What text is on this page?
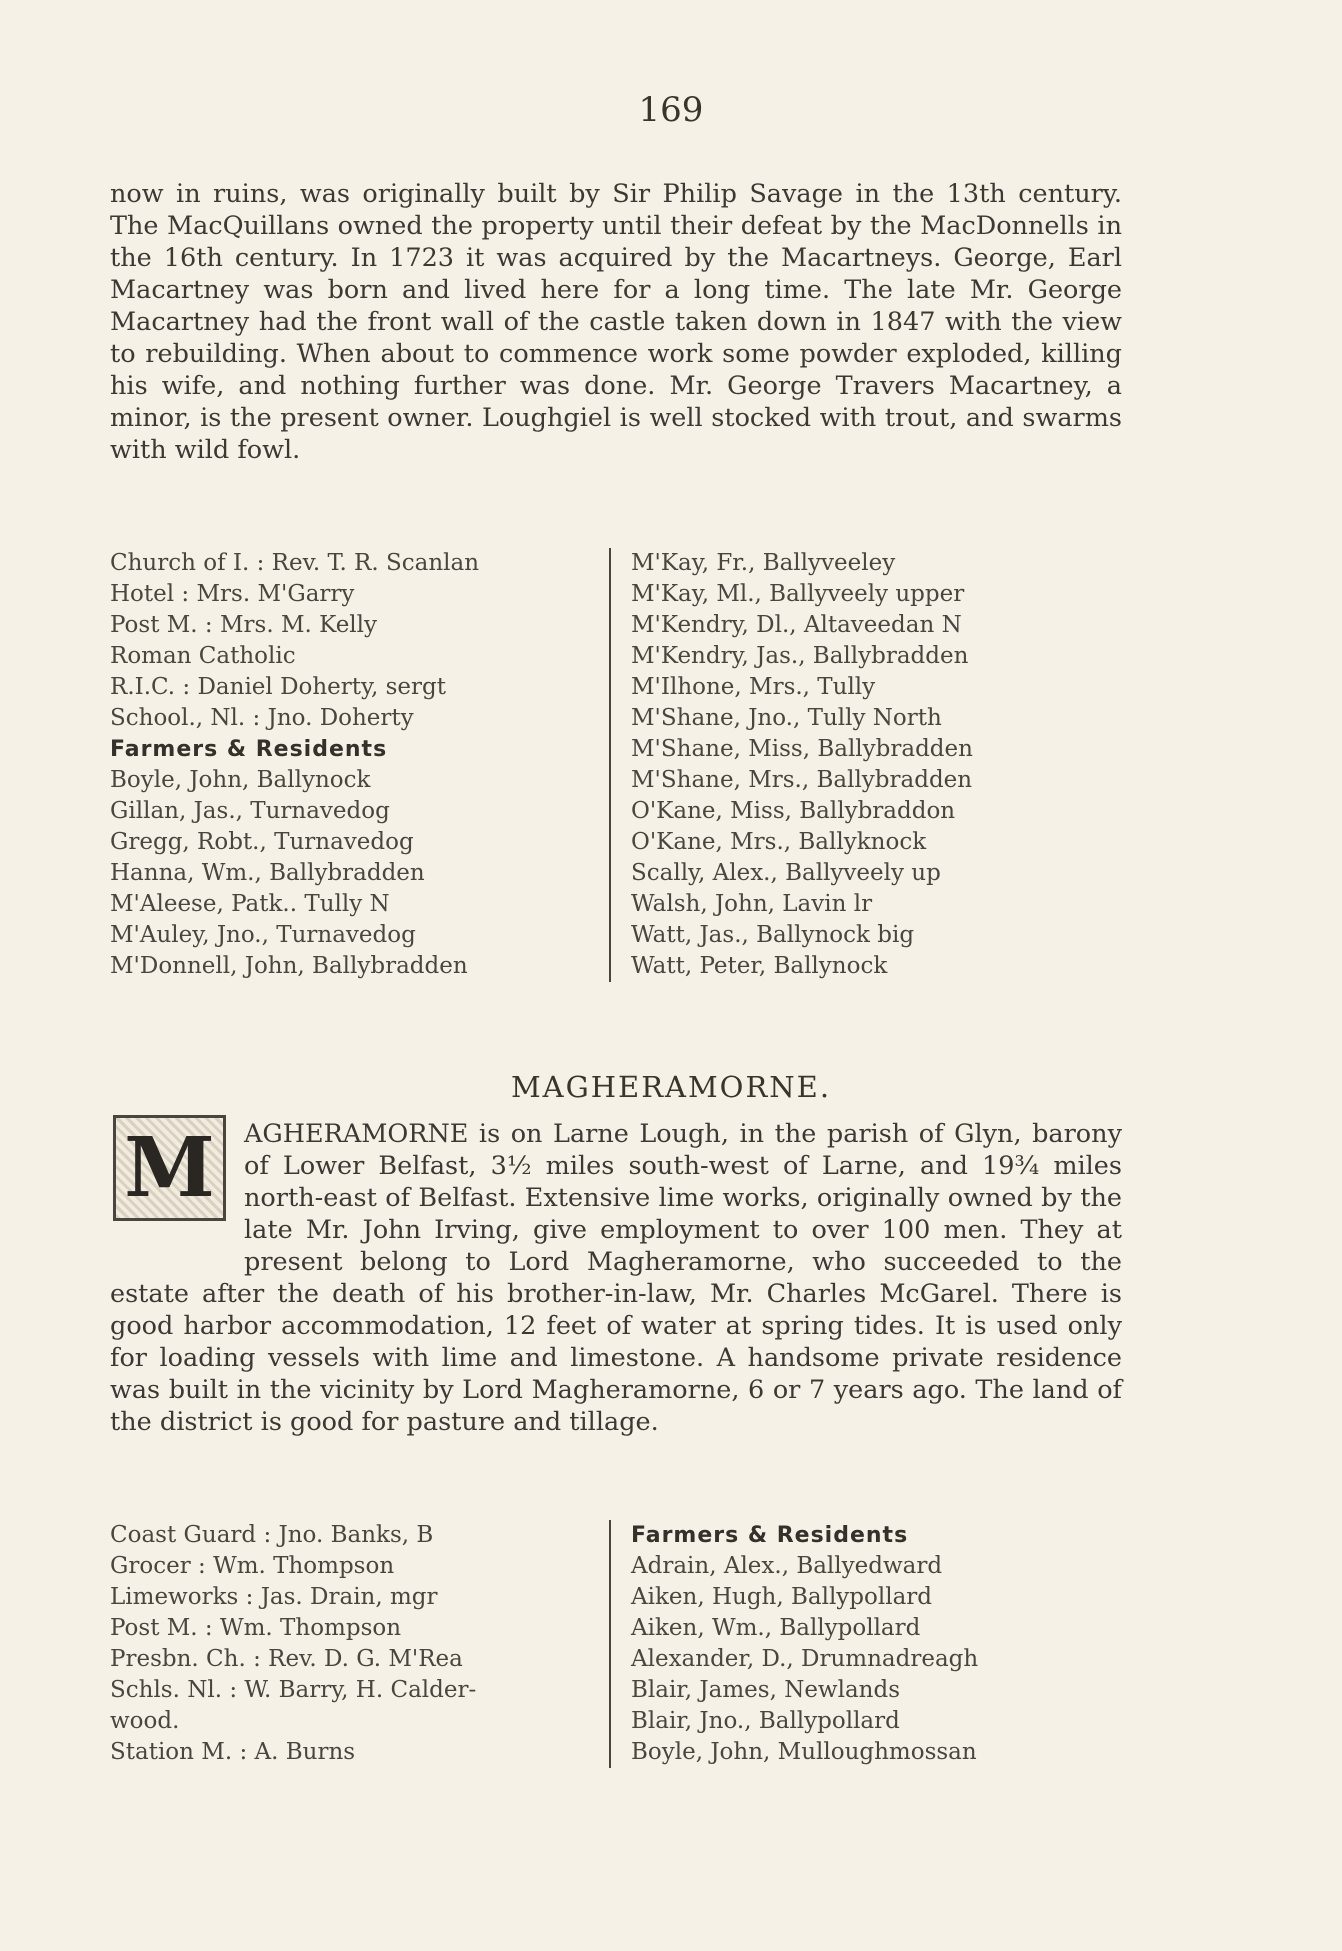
169

now in ruins, was originally built by Sir Philip Savage in the 13th century. The MacQuillans owned the property until their defeat by the MacDonnells in the 16th century. In 1723 it was acquired by the Macartneys. George, Earl Macartney was born and lived here for a long time. The late Mr. George Macartney had the front wall of the castle taken down in 1847 with the view to rebuilding. When about to commence work some powder exploded, killing his wife, and nothing further was done. Mr. George Travers Macartney, a minor, is the present owner. Loughgiel is well stocked with trout, and swarms with wild fowl.

Church of I. : Rev. T. R. Scanlan
Hotel : Mrs. M'Garry
Post M. : Mrs. M. Kelly
Roman Catholic
R.I.C. : Daniel Doherty, sergt
School., Nl. : Jno. Doherty
Farmers & Residents
Boyle, John, Ballynock
Gillan, Jas., Turnavedog
Gregg, Robt., Turnavedog
Hanna, Wm., Ballybradden
M'Aleese, Patk.. Tully N
M'Auley, Jno., Turnavedog
M'Donnell, John, Ballybradden
M'Kay, Fr., Ballyveeley
M'Kay, Ml., Ballyveely upper
M'Kendry, Dl., Altaveedan N
M'Kendry, Jas., Ballybradden
M'Ilhone, Mrs., Tully
M'Shane, Jno., Tully North
M'Shane, Miss, Ballybradden
M'Shane, Mrs., Ballybradden
O'Kane, Miss, Ballybraddon
O'Kane, Mrs., Ballyknock
Scally, Alex., Ballyveely up
Walsh, John, Lavin lr
Watt, Jas., Ballynock big
Watt, Peter, Ballynock
MAGHERAMORNE.
M	AGHERAMORNE is on Larne Lough, in the parish of Glyn, barony of Lower Belfast, 3½ miles south-west of Larne, and 19¾ miles north-east of Belfast. Extensive lime works, originally owned by the late Mr. John Irving, give employment to over 100 men. They at present belong to Lord Magheramorne, who succeeded to the estate after the death of his brother-in-law, Mr. Charles McGarel. There is good harbor accommodation, 12 feet of water at spring tides. It is used only for loading vessels with lime and limestone. A handsome private residence was built in the vicinity by Lord Magheramorne, 6 or 7 years ago. The land of the district is good for pasture and tillage.
Coast Guard : Jno. Banks, B
Grocer : Wm. Thompson
Limeworks : Jas. Drain, mgr
Post M. : Wm. Thompson
Presbn. Ch. : Rev. D. G. M'Rea
Schls. Nl. : W. Barry, H. Calder-
wood.
Station M. : A. Burns
Farmers & Residents
Adrain, Alex., Ballyedward
Aiken, Hugh, Ballypollard
Aiken, Wm., Ballypollard
Alexander, D., Drumnadreagh
Blair, James, Newlands
Blair, Jno., Ballypollard
Boyle, John, Mulloughmossan
